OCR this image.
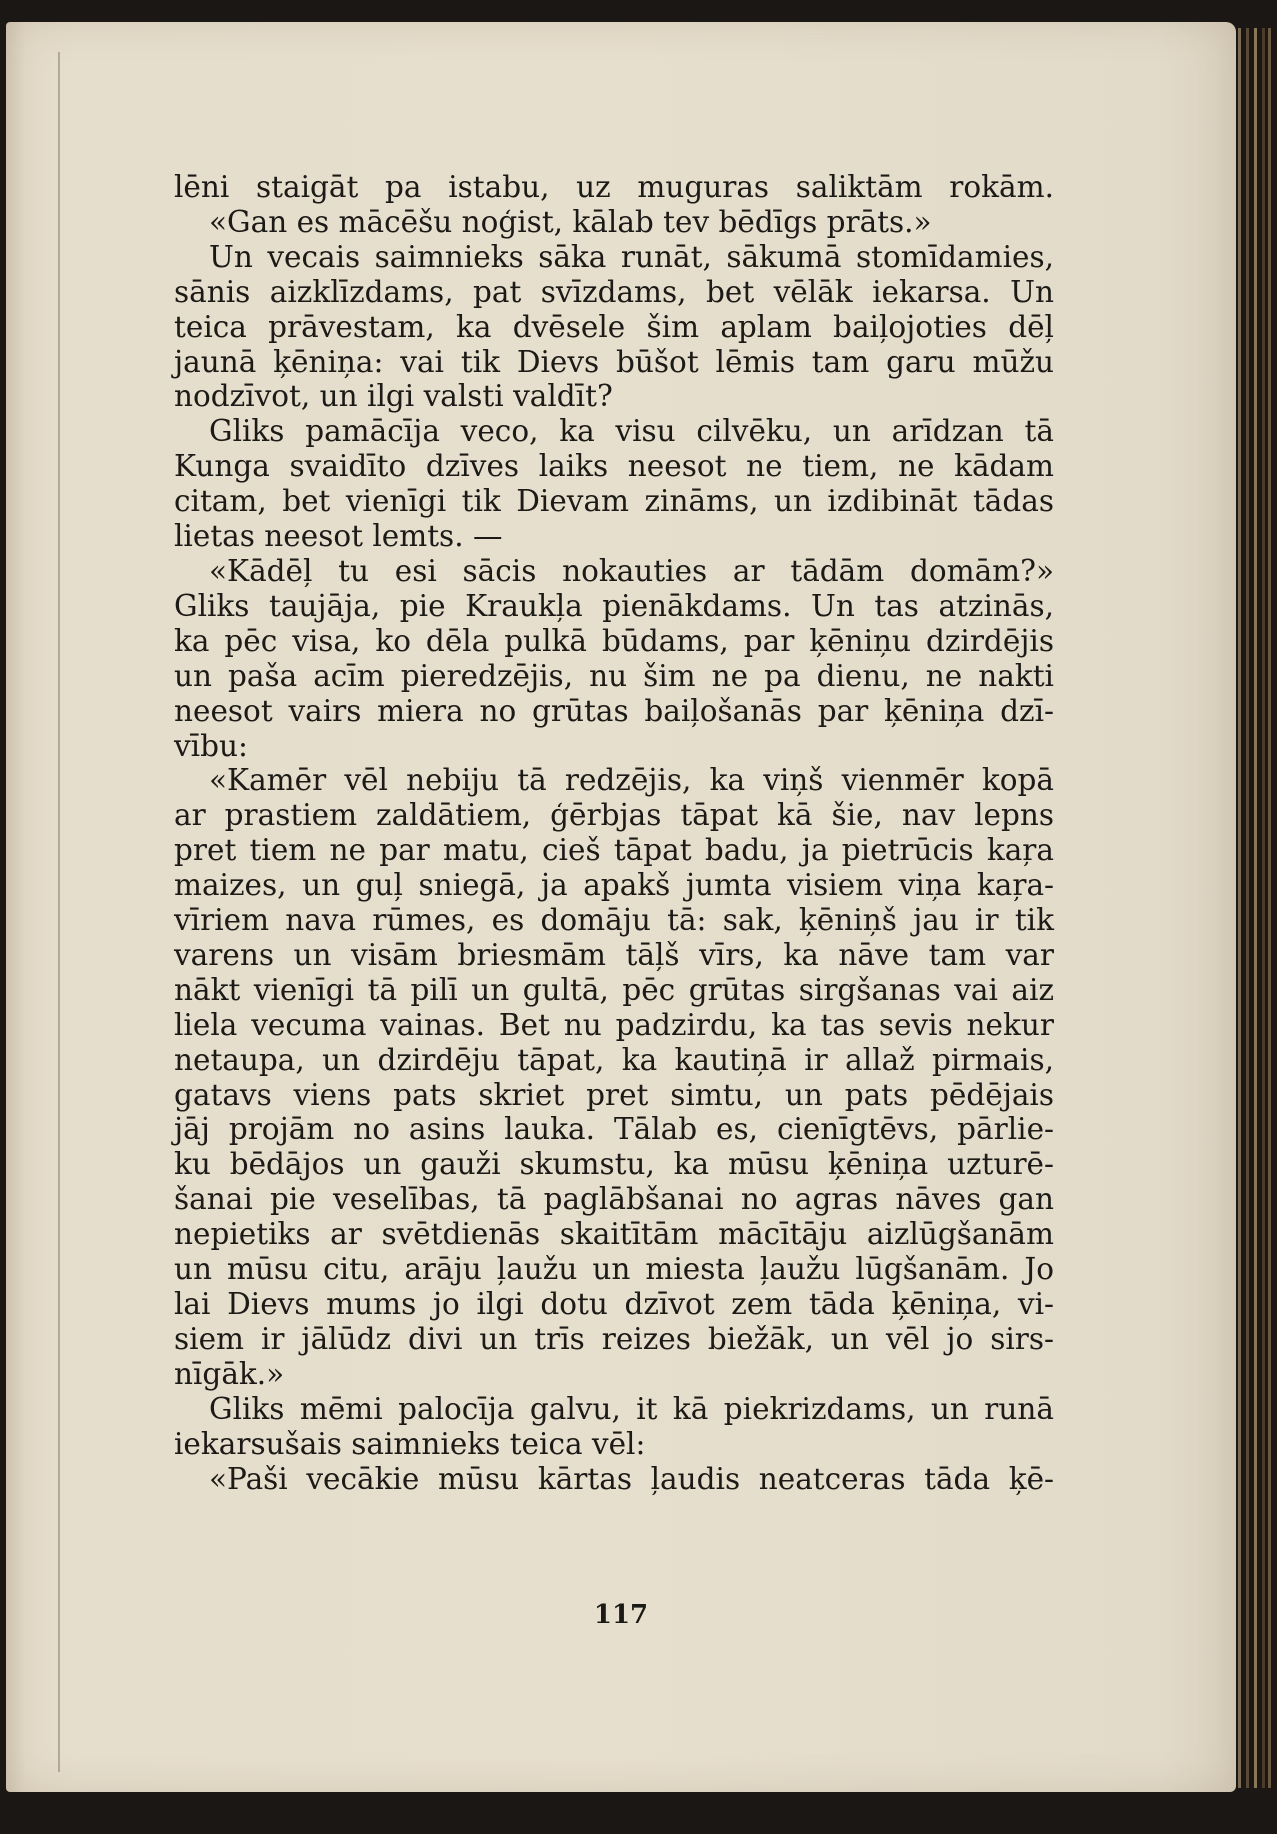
lēni staigāt pa istabu, uz muguras saliktām rokām.
«Gan es mācēšu noģist, kālab tev bēdīgs prāts.»
Un vecais saimnieks sāka runāt, sākumā stomīdamies,
sānis aizklīzdams, pat svīzdams, bet vēlāk iekarsa. Un
teica prāvestam, ka dvēsele šim aplam baiļojoties dēļ
jaunā ķēniņa: vai tik Dievs būšot lēmis tam garu mūžu
nodzīvot, un ilgi valsti valdīt?
Gliks pamācīja veco, ka visu cilvēku, un arīdzan tā
Kunga svaidīto dzīves laiks neesot ne tiem, ne kādam
citam, bet vienīgi tik Dievam zināms, un izdibināt tādas
lietas neesot lemts. —
«Kādēļ tu esi sācis nokauties ar tādām domām?»
Gliks taujāja, pie Kraukļa pienākdams. Un tas atzinās,
ka pēc visa, ko dēla pulkā būdams, par ķēniņu dzirdējis
un paša acīm pieredzējis, nu šim ne pa dienu, ne nakti
neesot vairs miera no grūtas baiļošanās par ķēniņa dzī-
vību:
«Kamēr vēl nebiju tā redzējis, ka viņš vienmēr kopā
ar prastiem zaldātiem, ģērbjas tāpat kā šie, nav lepns
pret tiem ne par matu, cieš tāpat badu, ja pietrūcis kaŗa
maizes, un guļ sniegā, ja apakš jumta visiem viņa kaŗa-
vīriem nava rūmes, es domāju tā: sak, ķēniņš jau ir tik
varens un visām briesmām tāļš vīrs, ka nāve tam var
nākt vienīgi tā pilī un gultā, pēc grūtas sirgšanas vai aiz
liela vecuma vainas. Bet nu padzirdu, ka tas sevis nekur
netaupa, un dzirdēju tāpat, ka kautiņā ir allaž pirmais,
gatavs viens pats skriet pret simtu, un pats pēdējais
jāj projām no asins lauka. Tālab es, cienīgtēvs, pārlie-
ku bēdājos un gauži skumstu, ka mūsu ķēniņa uzturē-
šanai pie veselības, tā paglābšanai no agras nāves gan
nepietiks ar svētdienās skaitītām mācītāju aizlūgšanām
un mūsu citu, arāju ļaužu un miesta ļaužu lūgšanām. Jo
lai Dievs mums jo ilgi dotu dzīvot zem tāda ķēniņa, vi-
siem ir jālūdz divi un trīs reizes biežāk, un vēl jo sirs-
nīgāk.»
Gliks mēmi palocīja galvu, it kā piekrizdams, un runā
iekarsušais saimnieks teica vēl:
«Paši vecākie mūsu kārtas ļaudis neatceras tāda ķē-
117
